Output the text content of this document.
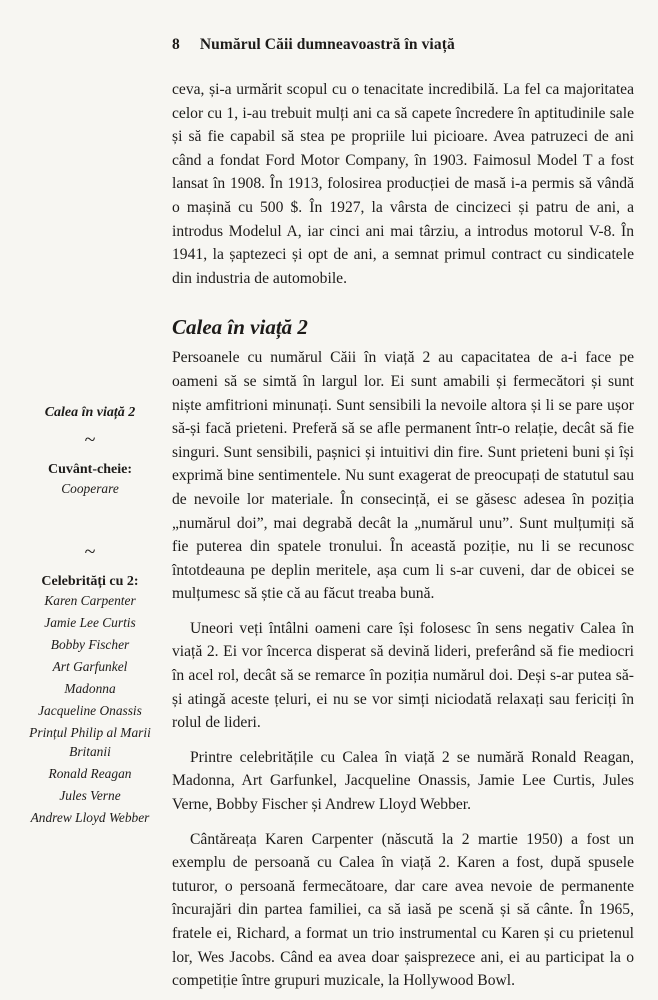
8 Numărul Căii dumneavoastră în viață

ceva, și-a urmărit scopul cu o tenacitate incredibilă. La fel ca majoritatea celor cu 1, i-au trebuit mulți ani ca să capete încredere în aptitudinile sale și să fie capabil să stea pe propriile lui picioare. Avea patruzeci de ani când a fondat Ford Motor Company, în 1903. Faimosul Model T a fost lansat în 1908. În 1913, folosirea producției de masă i-a permis să vândă o mașină cu 500 $. În 1927, la vârsta de cincizeci și patru de ani, a introdus Modelul A, iar cinci ani mai târziu, a introdus motorul V-8. În 1941, la șaptezeci și opt de ani, a semnat primul contract cu sindicatele din industria de automobile.

Calea în viață 2

Persoanele cu numărul Căii în viață 2 au capacitatea de a-i face pe oameni să se simtă în largul lor. Ei sunt amabili și fermecători și sunt niște amfitrioni minunați. Sunt sensibili la nevoile altora și li se pare ușor să-și facă prieteni. Preferă să se afle permanent într-o relație, decât să fie singuri. Sunt sensibili, pașnici și intuitivi din fire. Sunt prieteni buni și își exprimă bine sentimentele. Nu sunt exagerat de preocupați de statutul sau de nevoile lor materiale. În consecință, ei se găsesc adesea în poziția „numărul doi”, mai degrabă decât la „numărul unu”. Sunt mulțumiți să fie puterea din spatele tronului. În această poziție, nu li se recunosc întotdeauna pe deplin meritele, așa cum li s-ar cuveni, dar de obicei se mulțumesc să știe că au făcut treaba bună.

Uneori veți întâlni oameni care își folosesc în sens negativ Calea în viață 2. Ei vor încerca disperat să devină lideri, preferând să fie mediocri în acel rol, decât să se remarce în poziția numărul doi. Deși s-ar putea să-și atingă aceste țeluri, ei nu se vor simți niciodată relaxați sau fericiți în rolul de lideri.

Printre celebritățile cu Calea în viață 2 se numără Ronald Reagan, Madonna, Art Garfunkel, Jacqueline Onassis, Jamie Lee Curtis, Jules Verne, Bobby Fischer și Andrew Lloyd Webber.

Cântăreața Karen Carpenter (născută la 2 martie 1950) a fost un exemplu de persoană cu Calea în viață 2. Karen a fost, după spusele tuturor, o persoană fermecătoare, dar care avea nevoie de permanente încurajări din partea familiei, ca să iasă pe scenă și să cânte. În 1965, fratele ei, Richard, a format un trio instrumental cu Karen și cu prietenul lor, Wes Jacobs. Când ea avea doar șaisprezece ani, ei au participat la o competiție între grupuri muzicale, la Hollywood Bowl.

Calea în viață 2
~
Cuvânt-cheie:
Cooperare
~
Celebrități cu 2:
Karen Carpenter
Jamie Lee Curtis
Bobby Fischer
Art Garfunkel
Madonna
Jacqueline Onassis
Prințul Philip al Marii Britanii
Ronald Reagan
Jules Verne
Andrew Lloyd Webber
